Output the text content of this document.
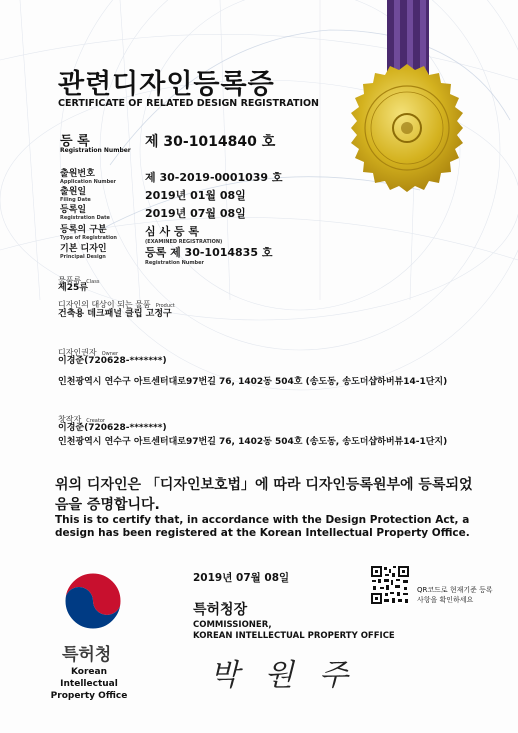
관련디자인등록증
CERTIFICATE OF RELATED DESIGN REGISTRATION
등 록
Registration Number
제 30-1014840 호
출원번호
Application Number	제 30-2019-0001039 호
출원일
Filing Date	2019년 01월 08일
등록일
Registration Date	2019년 07월 08일
등록의 구분
Type of Registration	심 사 등 록
(EXAMINED REGISTRATION)
기본 디자인
Principal Design	등록 제 30-1014835 호
Registration Number
물품류 Class
제25류
디자인의 대상이 되는 물품 Product
건축용 데크패널 클립 고정구
디자인권자 Owner
이경준(720628-*******)
인천광역시 연수구 아트센터대로97번길 76, 1402동 504호 (송도동, 송도더샵하버뷰14-1단지)
창작자 Creator
이경준(720628-*******)
인천광역시 연수구 아트센터대로97번길 76, 1402동 504호 (송도동, 송도더샵하버뷰14-1단지)
위의 디자인은 「디자인보호법」에 따라 디자인등록원부에 등록되었음을 증명합니다.
This is to certify that, in accordance with the Design Protection Act, a design has been registered at the Korean Intellectual Property Office.
특허청
Korean Intellectual Property Office
2019년 07월 08일
특허청장
COMMISSIONER,
KOREAN INTELLECTUAL PROPERTY OFFICE
박 원 주
QR코드로 현재기준 등록사항을 확인하세요
